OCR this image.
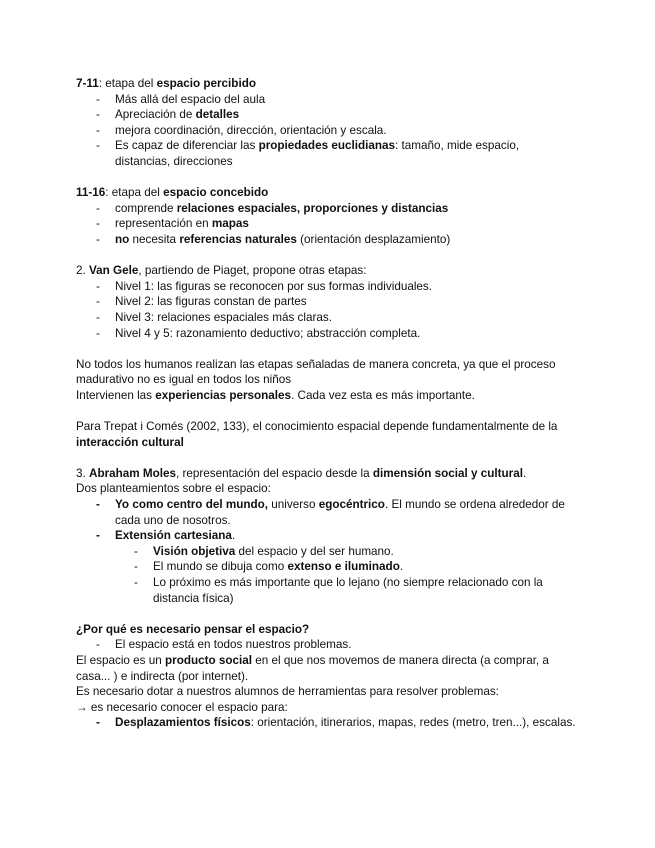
7-11: etapa del espacio percibido

- Más allá del espacio del aula
- Apreciación de detalles
- mejora coordinación, dirección, orientación y escala.
- Es capaz de diferenciar las propiedades euclidianas: tamaño, mide espacio, distancias, direcciones

11-16: etapa del espacio concebido

- comprende relaciones espaciales, proporciones y distancias
- representación en mapas
- no necesita referencias naturales (orientación desplazamiento)

2. Van Gele, partiendo de Piaget, propone otras etapas:

- Nivel 1: las figuras se reconocen por sus formas individuales.
- Nivel 2: las figuras constan de partes
- Nivel 3: relaciones espaciales más claras.
- Nivel 4 y 5: razonamiento deductivo; abstracción completa.

No todos los humanos realizan las etapas señaladas de manera concreta, ya que el proceso madurativo no es igual en todos los niños

Intervienen las experiencias personales. Cada vez esta es más importante.

Para Trepat i Comés (2002, 133), el conocimiento espacial depende fundamentalmente de la interacción cultural

3. Abraham Moles, representación del espacio desde la dimensión social y cultural.

Dos planteamientos sobre el espacio:

- Yo como centro del mundo, universo egocéntrico. El mundo se ordena alrededor de cada uno de nosotros.
- Extensión cartesiana.
- Visión objetiva del espacio y del ser humano.
- El mundo se dibuja como extenso e iluminado.
- Lo próximo es más importante que lo lejano (no siempre relacionado con la distancia física)

¿Por qué es necesario pensar el espacio?

- El espacio está en todos nuestros problemas.

El espacio es un producto social en el que nos movemos de manera directa (a comprar, a casa... ) e indirecta (por internet).

Es necesario dotar a nuestros alumnos de herramientas para resolver problemas:

→ es necesario conocer el espacio para:

- Desplazamientos físicos: orientación, itinerarios, mapas, redes (metro, tren...), escalas.
